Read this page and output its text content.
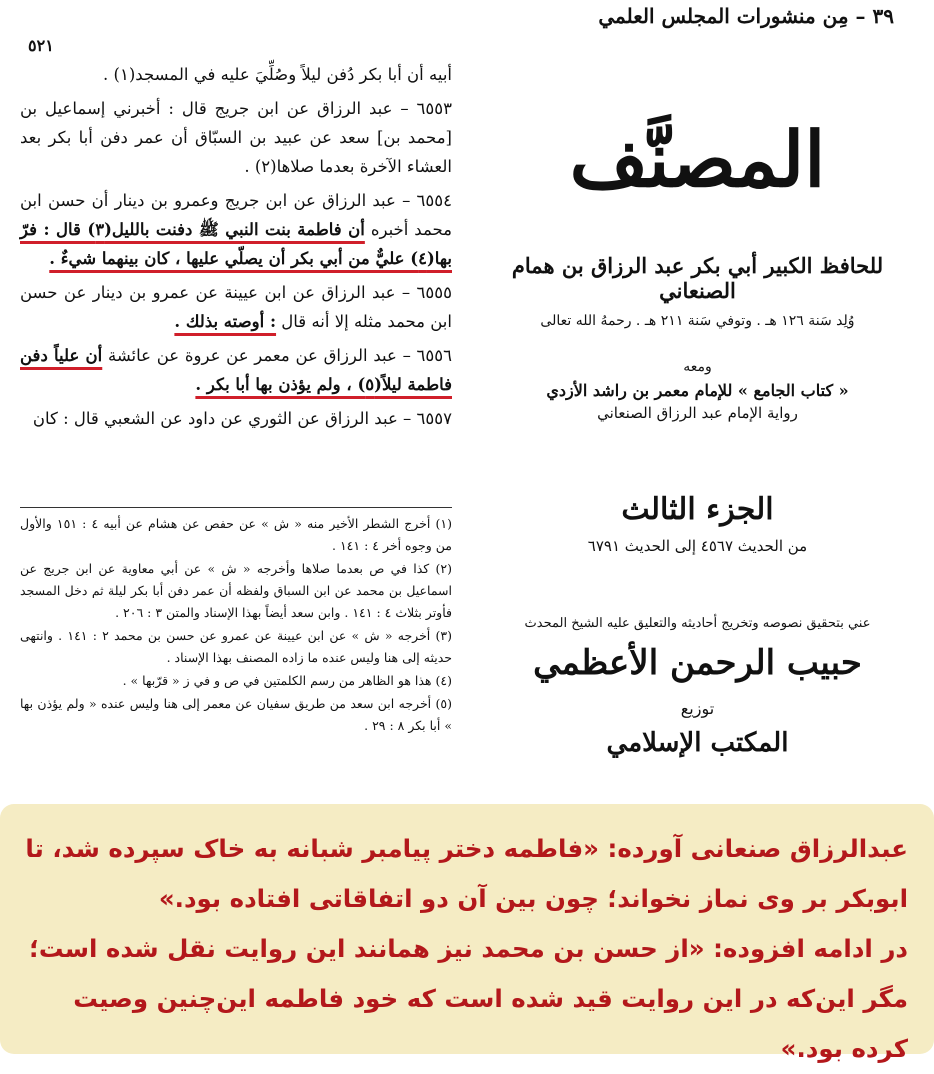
٣٩ – مِن منشورات المجلس العلمي
٥٢١

أبيه أن أبا بكر دُفن ليلاً وصُلِّيَ عليه في المسجد(١) .

٦٥٥٣ – عبد الرزاق عن ابن جريج قال : أخبرني إسماعيل بن [محمد بن] سعد عن عبيد بن السبّاق أن عمر دفن أبا بكر بعد العشاء الآخرة بعدما صلاها(٢) .

٦٥٥٤ – عبد الرزاق عن ابن جريج وعمرو بن دينار أن حسن ابن محمد أخبره أن فاطمة بنت النبي ﷺ دفنت بالليل(٣) قال : فرّ بها(٤) عليٌّ من أبي بكر أن يصلّي عليها ، كان بينهما شيءٌ .

٦٥٥٥ – عبد الرزاق عن ابن عيينة عن عمرو بن دينار عن حسن ابن محمد مثله إلا أنه قال : أوصته بذلك .

٦٥٥٦ – عبد الرزاق عن معمر عن عروة عن عائشة أن علياً دفن فاطمة ليلاً(٥) ، ولم يؤذن بها أبا بكر .

٦٥٥٧ – عبد الرزاق عن الثوري عن داود عن الشعبي قال : كان

(١) أخرج الشطر الأخير منه « ش » عن حفص عن هشام عن أبيه ٤ : ١٥١ والأول من وجوه أخر ٤ : ١٤١ .

(٢) كذا في ص بعدما صلاها وأخرجه « ش » عن أبي معاوية عن ابن جريج عن اسماعيل بن محمد عن ابن السباق ولفظه أن عمر دفن أبا بكر ليلة ثم دخل المسجد فأوتر بثلاث ٤ : ١٤١ . وابن سعد أيضاً بهذا الإسناد والمتن ٣ : ٢٠٦ .

(٣) أخرجه « ش » عن ابن عيينة عن عمرو عن حسن بن محمد ٢ : ١٤١ . وانتهى حديثه إلى هنا وليس عنده ما زاده المصنف بهذا الإسناد .

(٤) هذا هو الظاهر من رسم الكلمتين في ص و في ز « قرّبها » .

(٥) أخرجه ابن سعد من طريق سفيان عن معمر إلى هنا وليس عنده « ولم يؤذن بها » أبا بكر ٨ : ٢٩ .

المصنَّف
للحافظ الكبير أبي بكر عبد الرزاق بن همام الصنعاني
وُلِد سَنة ١٢٦ هـ . وتوفي سَنة ٢١١ هـ . رحمهُ الله تعالى
ومعه
« كتاب الجامع » للإمام معمر بن راشد الأزدي
رواية الإمام عبد الرزاق الصنعاني
الجزء الثالث
من الحديث ٤٥٦٧ إلى الحديث ٦٧٩١
عني بتحقيق نصوصه وتخريج أحاديثه والتعليق عليه الشيخ المحدث
حبيب الرحمن الأعظمي
توزيع
المكتب الإسلامي

عبدالرزاق صنعانی آورده: «فاطمه دختر پیامبر شبانه به خاک سپرده شد، تا ابوبکر بر وی نماز نخواند؛ چون بین آن دو اتفاقاتی افتاده بود.»

در ادامه افزوده: «از حسن بن محمد نیز همانند این روایت نقل شده است؛ مگر این‌که در این روایت قید شده است که خود فاطمه این‌چنین وصیت کرده بود.»
